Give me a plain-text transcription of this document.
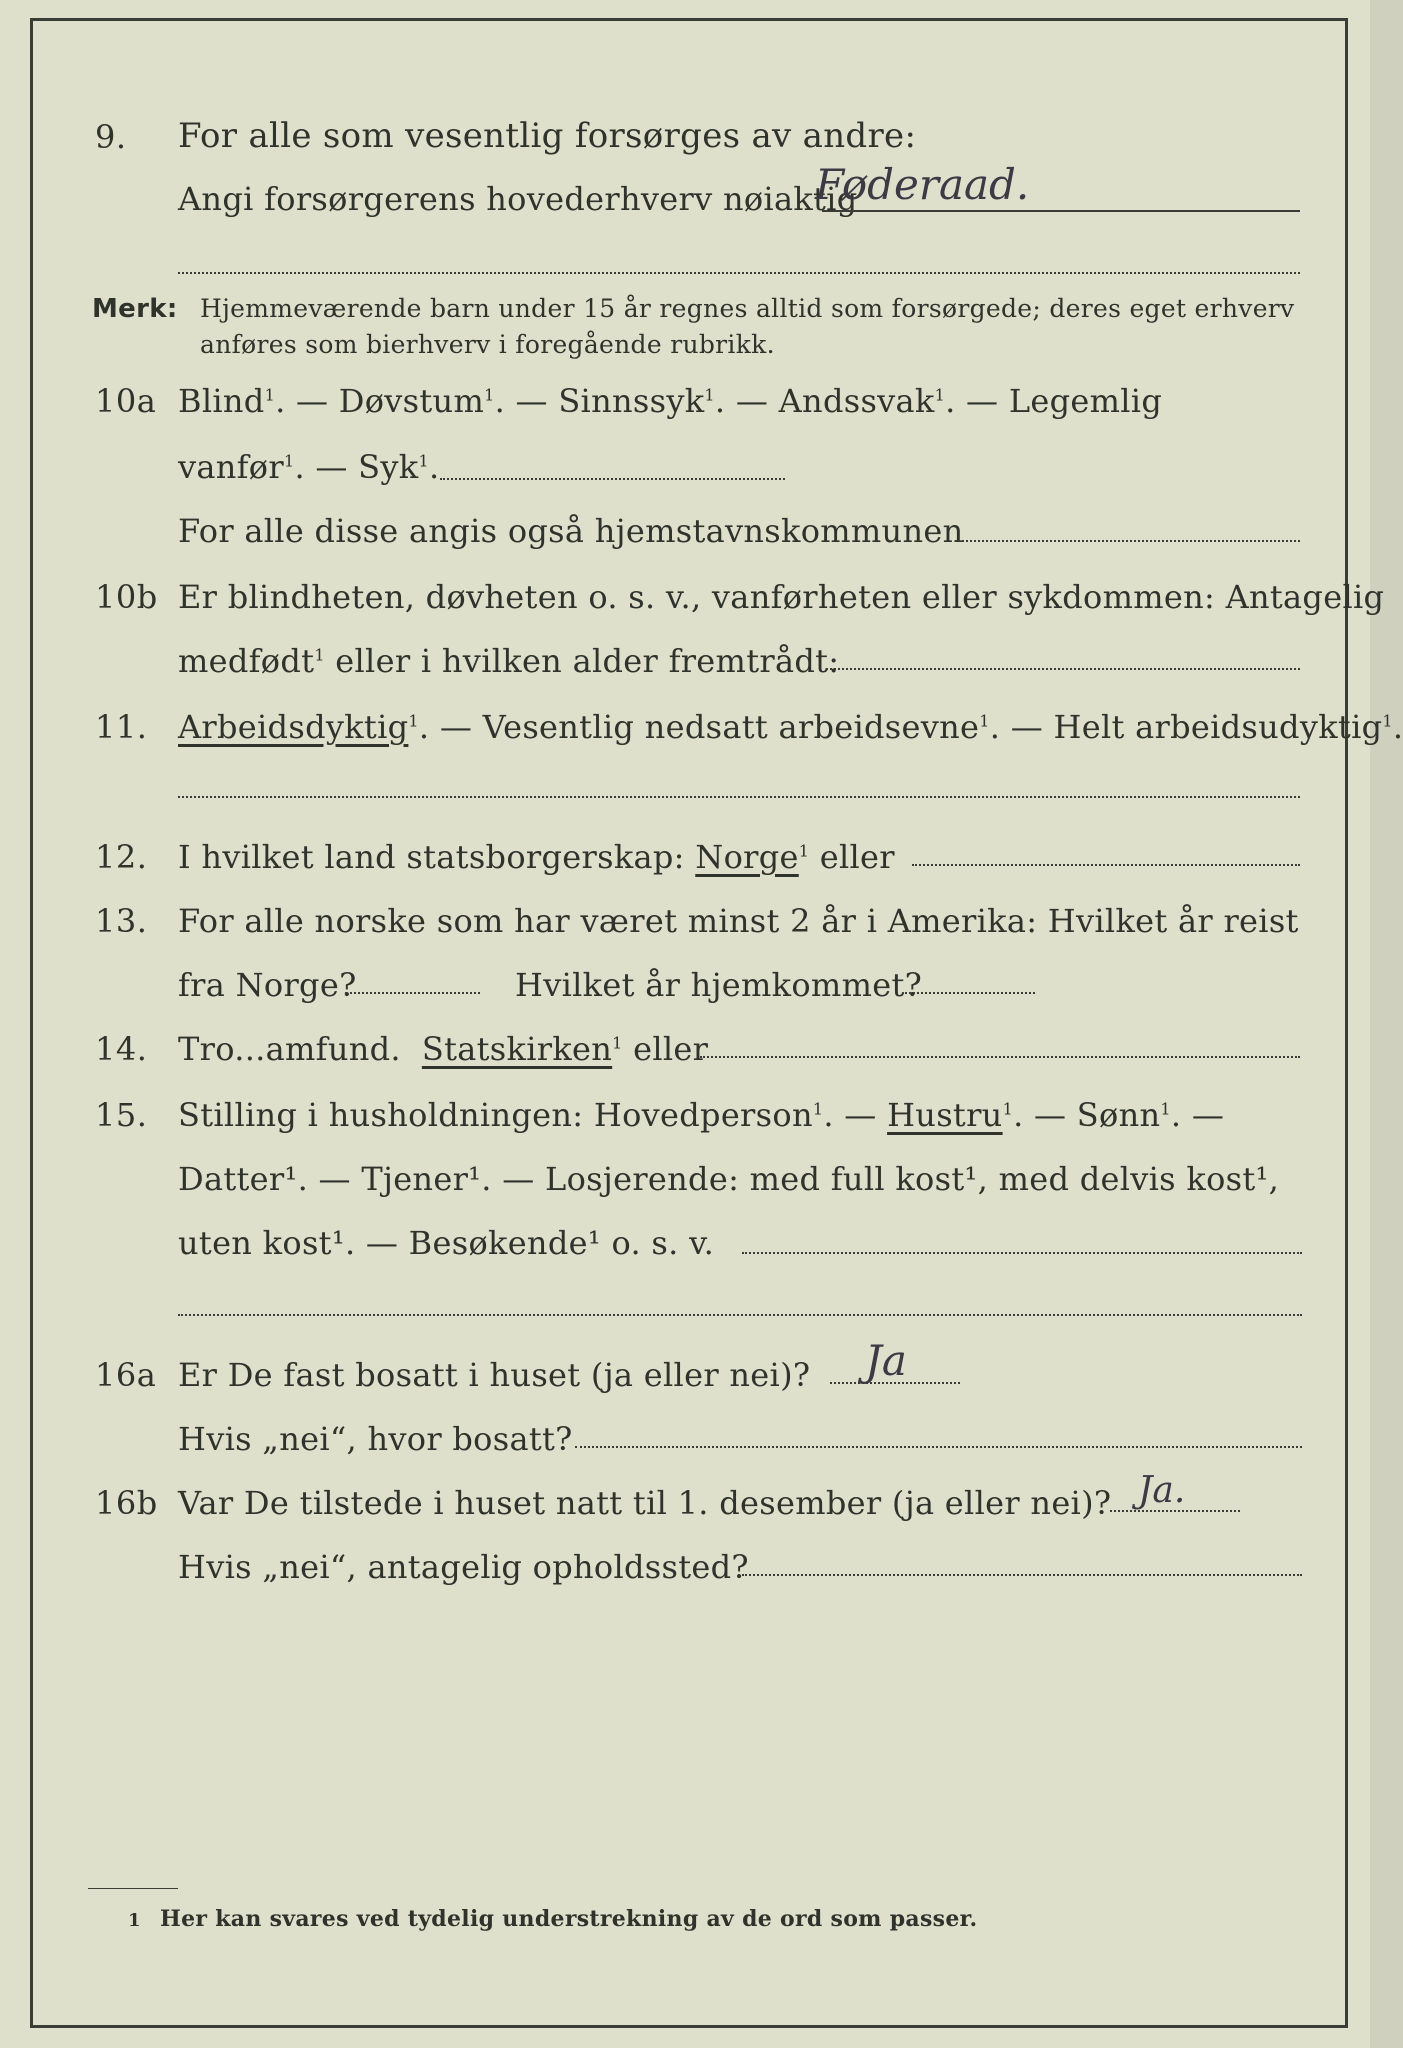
9. For alle som vesentlig forsørges av andre:
Angi forsørgerens hovederhverv nøiaktig
Føderaad.
Merk: Hjemmeværende barn under 15 år regnes alltid som forsørgede; deres eget erhverv
anføres som bierhverv i foregående rubrikk.
10a Blind$^1$. — Døvstum$^1$. — Sinnssyk$^1$. — Andssvak$^1$. — Legemlig
vanfør$^1$. — Syk$^1$.
For alle disse angis også hjemstavnskommunen
10b Er blindheten, døvheten o. s. v., vanførheten eller sykdommen: Antagelig
medfødt$^1$ eller i hvilken alder fremtrådt:
11. Arbeidsdyktig$^1$. — Vesentlig nedsatt arbeidsevne$^1$. — Helt arbeidsudyktig$^1$.
12. I hvilket land statsborgerskap: Norge$^1$ eller
13. For alle norske som har været minst 2 år i Amerika: Hvilket år reist
fra Norge?	Hvilket år hjemkommet?
14. Tro...amfund. Statskirken$^1$ eller
15. Stilling i husholdningen: Hovedperson$^1$. — Hustru$^1$. — Sønn$^1$. —
Datter¹. — Tjener¹. — Losjerende: med full kost¹, med delvis kost¹,
uten kost¹. — Besøkende¹ o. s. v.
16a Er De fast bosatt i huset (ja eller nei)? Ja
Hvis „nei“, hvor bosatt?
16b Var De tilstede i huset natt til 1. desember (ja eller nei)? Ja.
Hvis „nei“, antagelig opholdssted?
1 Her kan svares ved tydelig understrekning av de ord som passer.
